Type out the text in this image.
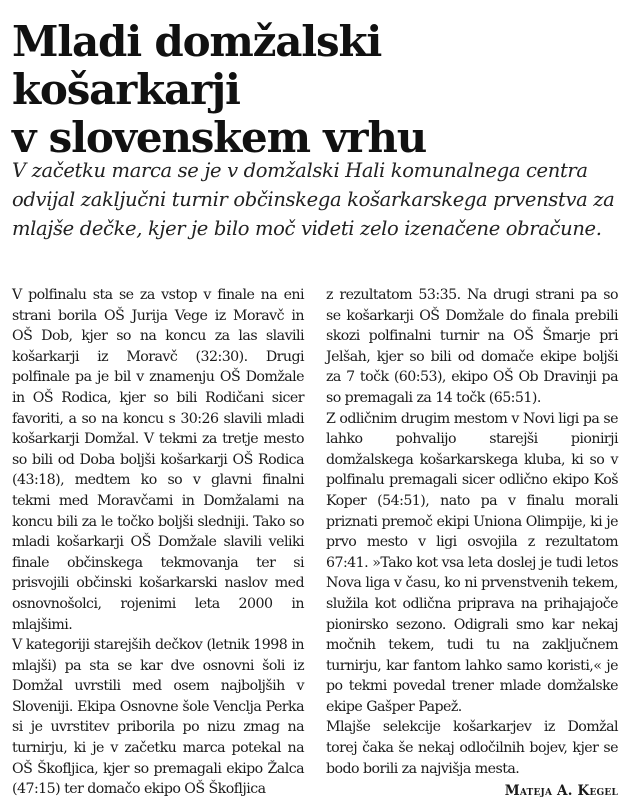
Mladi domžalski košarkarji
v slovenskem vrhu

V začetku marca se je v domžalski Hali komunalnega centra odvijal zaključni turnir občinskega košarkarskega prvenstva za mlajše dečke, kjer je bilo moč videti zelo izenačene obračune.

V polfinalu sta se za vstop v finale na eni strani borila OŠ Jurija Vege iz Moravč in OŠ Dob, kjer so na koncu za las slavili košarkarji iz Moravč (32:30). Drugi polfinale pa je bil v znamenju OŠ Domžale in OŠ Rodica, kjer so bili Rodičani sicer favoriti, a so na koncu s 30:26 slavili mladi košarkarji Domžal. V tekmi za tretje mesto so bili od Doba boljši košarkarji OŠ Rodica (43:18), medtem ko so v glavni finalni tekmi med Moravčami in Domžalami na koncu bili za le točko boljši sledniji. Tako so mladi košarkarji OŠ Domžale slavili veliki finale občinskega tekmovanja ter si prisvojili občinski košarkarski naslov med osnovnošolci, rojenimi leta 2000 in mlajšimi.

V kategoriji starejših dečkov (letnik 1998 in mlajši) pa sta se kar dve osnovni šoli iz Domžal uvrstili med osem najboljših v Sloveniji. Ekipa Osnovne šole Venclja Perka si je uvrstitev priborila po nizu zmag na turnirju, ki je v začetku marca potekal na OŠ Škofljica, kjer so premagali ekipo Žalca (47:15) ter domačo ekipo OŠ Škofljica

z rezultatom 53:35. Na drugi strani pa so se košarkarji OŠ Domžale do finala prebili skozi polfinalni turnir na OŠ Šmarje pri Jelšah, kjer so bili od domače ekipe boljši za 7 točk (60:53), ekipo OŠ Ob Dravinji pa so premagali za 14 točk (65:51).

Z odličnim drugim mestom v Novi ligi pa se lahko pohvalijo starejši pionirji domžalskega košarkarskega kluba, ki so v polfinalu premagali sicer odlično ekipo Koš Koper (54:51), nato pa v finalu morali priznati premoč ekipi Uniona Olimpije, ki je prvo mesto v ligi osvojila z rezultatom 67:41. »Tako kot vsa leta doslej je tudi letos Nova liga v času, ko ni prvenstvenih tekem, služila kot odlična priprava na prihajajoče pionirsko sezono. Odigrali smo kar nekaj močnih tekem, tudi tu na zaključnem turnirju, kar fantom lahko samo koristi,« je po tekmi povedal trener mlade domžalske ekipe Gašper Papež.

Mlajše selekcije košarkarjev iz Domžal torej čaka še nekaj odločilnih bojev, kjer se bodo borili za najvišja mesta.

Mateja A. Kegel
